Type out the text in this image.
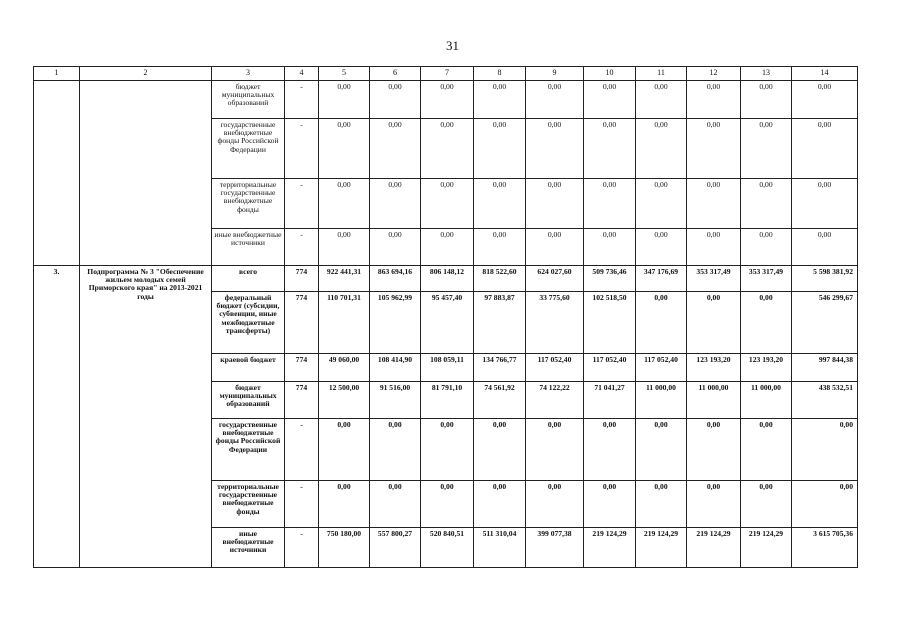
31
1	2	3	4	5	6	7	8	9	10	11	12	13	14
		бюджет муниципальных образований	-	0,00	0,00	0,00	0,00	0,00	0,00	0,00	0,00	0,00	0,00
		государственные внебюджетные фонды Российской Федерации	-	0,00	0,00	0,00	0,00	0,00	0,00	0,00	0,00	0,00	0,00
		территориальные государственные внебюджетные фонды	-	0,00	0,00	0,00	0,00	0,00	0,00	0,00	0,00	0,00	0,00
		иные внебюджетные источники	-	0,00	0,00	0,00	0,00	0,00	0,00	0,00	0,00	0,00	0,00
3.	Подпрограмма № 3 "Обеспечение жильем молодых семей Приморского края" на 2013-2021 годы	всего	774	922 441,31	863 694,16	806 148,12	818 522,60	624 027,60	509 736,46	347 176,69	353 317,49	353 317,49	5 598 381,92
		федеральный бюджет (субсидии, субвенции, иные межбюджетные трансферты)	774	110 701,31	105 962,99	95 457,40	97 883,87	33 775,60	102 518,50	0,00	0,00	0,00	546 299,67
		краевой бюджет	774	49 060,00	108 414,90	108 059,11	134 766,77	117 052,40	117 052,40	117 052,40	123 193,20	123 193,20	997 844,38
		бюджет муниципальных образований	774	12 500,00	91 516,00	81 791,10	74 561,92	74 122,22	71 041,27	11 000,00	11 000,00	11 000,00	438 532,51
		государственные внебюджетные фонды Российской Федерации	-	0,00	0,00	0,00	0,00	0,00	0,00	0,00	0,00	0,00	0,00
		территориальные государственные внебюджетные фонды	-	0,00	0,00	0,00	0,00	0,00	0,00	0,00	0,00	0,00	0,00
		иные внебюджетные источники	-	750 180,00	557 800,27	520 840,51	511 310,04	399 077,38	219 124,29	219 124,29	219 124,29	219 124,29	3 615 705,36
